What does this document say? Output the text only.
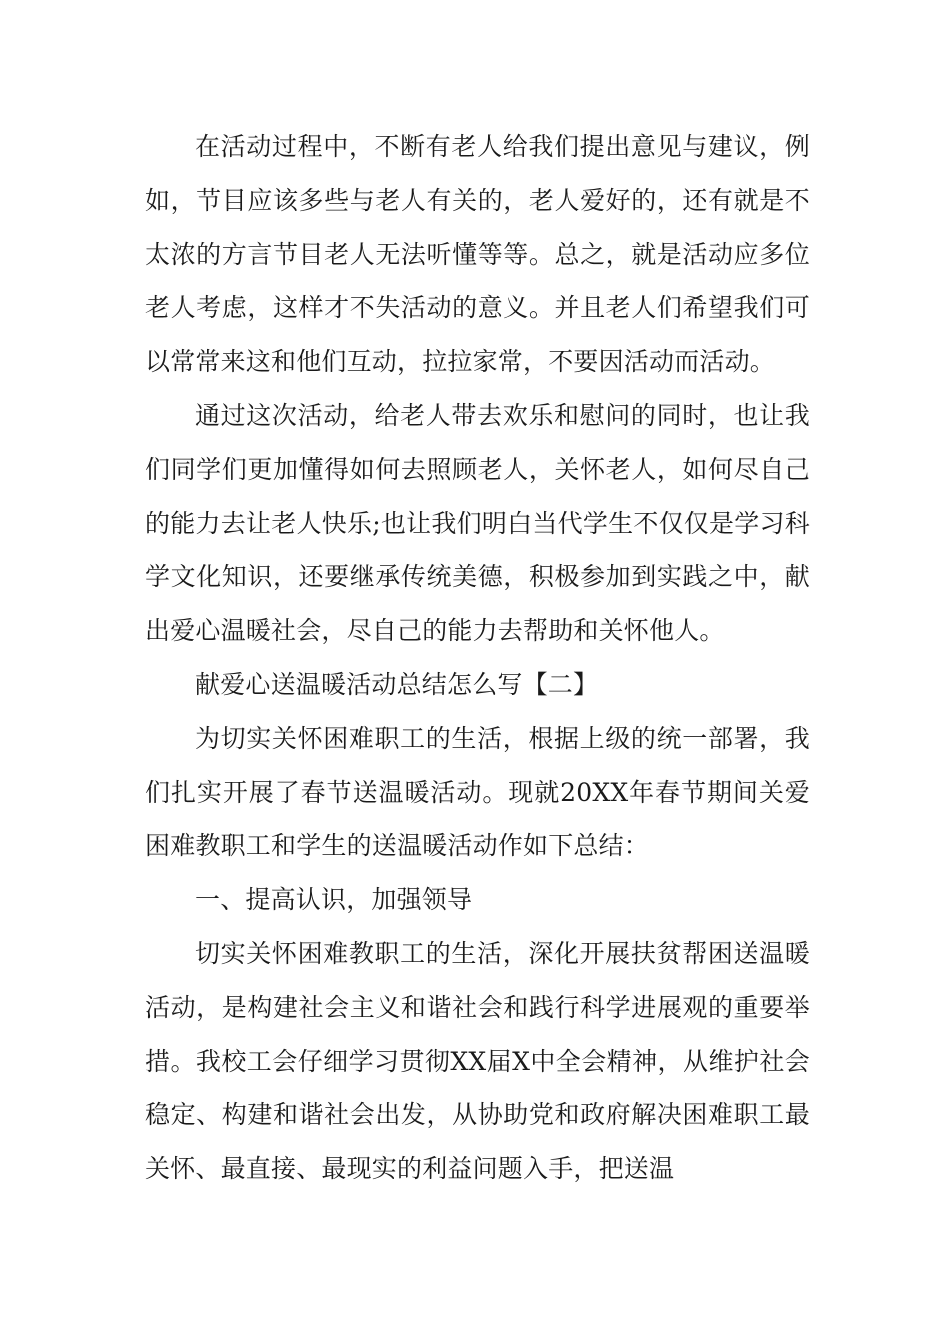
在活动过程中，不断有老人给我们提出意见与建议，例如，节目应该多些与老人有关的，老人爱好的，还有就是不太浓的方言节目老人无法听懂等等。总之，就是活动应多位老人考虑，这样才不失活动的意义。并且老人们希望我们可以常常来这和他们互动，拉拉家常，不要因活动而活动。

通过这次活动，给老人带去欢乐和慰问的同时，也让我们同学们更加懂得如何去照顾老人，关怀老人，如何尽自己的能力去让老人快乐;也让我们明白当代学生不仅仅是学习科学文化知识，还要继承传统美德，积极参加到实践之中，献出爱心温暖社会，尽自己的能力去帮助和关怀他人。

献爱心送温暖活动总结怎么写【二】

为切实关怀困难职工的生活，根据上级的统一部署，我们扎实开展了春节送温暖活动。现就20XX年春节期间关爱困难教职工和学生的送温暖活动作如下总结：

一、提高认识，加强领导

切实关怀困难教职工的生活，深化开展扶贫帮困送温暖活动，是构建社会主义和谐社会和践行科学进展观的重要举措。我校工会仔细学习贯彻XX届X中全会精神，从维护社会稳定、构建和谐社会出发，从协助党和政府解决困难职工最关怀、最直接、最现实的利益问题入手，把送温
